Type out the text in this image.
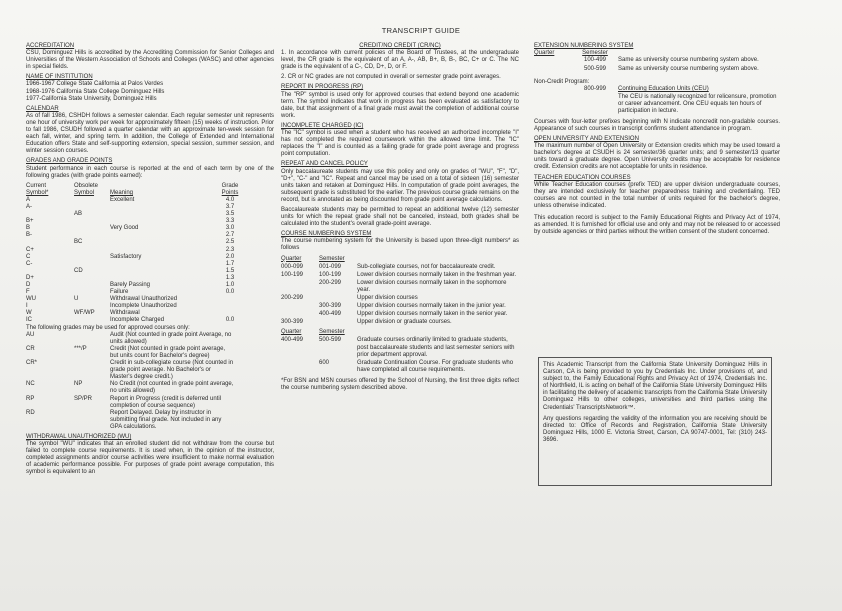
TRANSCRIPT GUIDE
ACCREDITATION

CSU, Dominguez Hills is accredited by the Accrediting Commission for Senior Colleges and Universities of the Western Association of Schools and Colleges (WASC) and other agencies in special fields.

NAME OF INSTITUTION
1966-1967 College State California at Palos Verdes
1968-1976 California State College Dominguez Hills
1977-California State University, Dominguez Hills
CALENDAR

As of fall 1986, CSHDH follows a semester calendar. Each regular semester unit represents one hour of university work per week for approximately fifteen (15) weeks of instruction. Prior to fall 1986, CSUDH followed a quarter calendar with an approximate ten-week session for each fall, winter, and spring term. In addition, the College of Extended and International Education offers State and self-supporting extension, special session, summer session, and winter session courses.

GRADES AND GRADE POINTS

Student performance in each course is reported at the end of each term by one of the following grades (with grade points earned):

Current	Obsolete	Grade
Symbol*	Symbol	Meaning	Points
A	Excellent	4.0
A-	3.7
AB	3.5
B+	3.3
B	Very Good	3.0
B-	2.7
BC	2.5
C+	2.3
C	Satisfactory	2.0
C-	1.7
CD	1.5
D+	1.3
D	Barely Passing	1.0
F	Failure	0.0
WU	U	Withdrawal Unauthorized
I	Incomplete Unauthorized
W	WF/WP	Withdrawal
IC	Incomplete Charged	0.0
The following grades may be used for approved courses only:
AU	Audit (Not counted in grade point Average, no units allowed)
CR	***/P	Credit (Not counted in grade point average, but units count for Bachelor's degree)
CR*	Credit in sub-collegiate course (Not counted in grade point average. No Bachelor's or Master's degree credit.)
NC	NP	No Credit (not counted in grade point average, no units allowed)
RP	SP/PR	Report in Progress (credit is deferred until completion of course sequence)
RD	Report Delayed. Delay by instructor in submitting final grade. Not included in any GPA calculations.
WITHDRAWAL UNAUTHORIZED (WU)

The symbol "WU" indicates that an enrolled student did not withdraw from the course but failed to complete course requirements. It is used when, in the opinion of the instructor, completed assignments and/or course activities were insufficient to make normal evaluation of academic performance possible. For purposes of grade point average computation, this symbol is equivalent to an

CREDIT/NO CREDIT (CR/NC)

1. In accordance with current policies of the Board of Trustees, at the undergraduate level, the CR grade is the equivalent of an A, A-, AB, B+, B, B-, BC, C+ or C. The NC grade is the equivalent of a C-, CD, D+, D, or F.

2. CR or NC grades are not computed in overall or semester grade point averages.

REPORT IN PROGRESS (RP)

The "RP" symbol is used only for approved courses that extend beyond one academic term. The symbol indicates that work in progress has been evaluated as satisfactory to date, but that assignment of a final grade must await the completion of additional course work.

INCOMPLETE CHARGED (IC)

The "IC" symbol is used when a student who has received an authorized incomplete "I" has not completed the required coursework within the allowed time limit. The "IC" replaces the "I" and is counted as a failing grade for grade point average and progress point computation.

REPEAT AND CANCEL POLICY

Only baccalaureate students may use this policy and only on grades of "WU", "F", "D", "D+", "C-" and "IC". Repeat and cancel may be used on a total of sixteen (16) semester units taken and retaken at Dominguez Hills. In computation of grade point averages, the subsequent grade is substituted for the earlier. The previous course grade remains on the record, but is annotated as being discounted from grade point average calculations.

Baccalaureate students may be permitted to repeat an additional twelve (12) semester units for which the repeat grade shall not be canceled, instead, both grades shall be calculated into the student's overall grade-point average.

COURSE NUMBERING SYSTEM

The course numbering system for the University is based upon three-digit numbers* as follows

Quarter	Semester
000-099	001-099	Sub-collegiate courses, not for baccalaureate credit.
100-199	100-199	Lower division courses normally taken in the freshman year.
200-299	Lower division courses normally taken in the sophomore year.
200-299	Upper division courses
300-399	Upper division courses normally taken in the junior year.
400-499	Upper division courses normally taken in the senior year.
300-399	Upper division or graduate courses.
Quarter	Semester
400-499	500-599	Graduate courses ordinarily limited to graduate students, post baccalaureate students and last semester seniors with prior department approval.
600	Graduate Continuation Course. For graduate students who have completed all course requirements.

*For BSN and MSN courses offered by the School of Nursing, the first three digits reflect the course numbering system described above.

EXTENSION NUMBERING SYSTEM
Quarter	Semester
100-499	Same as university course numbering system above.
500-599	Same as university course numbering system above.
Non-Credit Program:
800-999	Continuing Education Units (CEU)
The CEU is nationally recognized for relicensure, promotion or career advancement. One CEU equals ten hours of participation in lecture.

Courses with four-letter prefixes beginning with N indicate noncredit non-gradable courses. Appearance of such courses in transcript confirms student attendance in program.

OPEN UNIVERSITY AND EXTENSION

The maximum number of Open University or Extension credits which may be used toward a bachelor's degree at CSUDH is 24 semester/36 quarter units; and 9 semester/13 quarter units toward a graduate degree. Open University credits may be acceptable for residence credit. Extension credits are not acceptable for units in residence.

TEACHER EDUCATION COURSES

While Teacher Education courses (prefix TED) are upper division undergraduate courses, they are intended exclusively for teacher preparedness training and credentialing. TED courses are not counted in the total number of units required for the bachelor's degree, unless otherwise indicated.

This education record is subject to the Family Educational Rights and Privacy Act of 1974, as amended. It is furnished for official use and only and may not be released to or accessed by outside agencies or third parties without the written consent of the student concerned.

This Academic Transcript from the California State University Dominguez Hills in Carson, CA is being provided to you by Credentials Inc. Under provisions of, and subject to, the Family Educational Rights and Privacy Act of 1974, Credentials Inc. of Northfield, IL is acting on behalf of the California State University Dominguez Hills in facilitating the delivery of academic transcripts from the California State University Dominguez Hills to other colleges, universities and third parties using the Credentials' TranscriptsNetwork™.

Any questions regarding the validity of the information you are receiving should be directed to: Office of Records and Registration, California State University Dominguez Hills, 1000 E. Victoria Street, Carson, CA 90747-0001, Tel: (310) 243-3696.
